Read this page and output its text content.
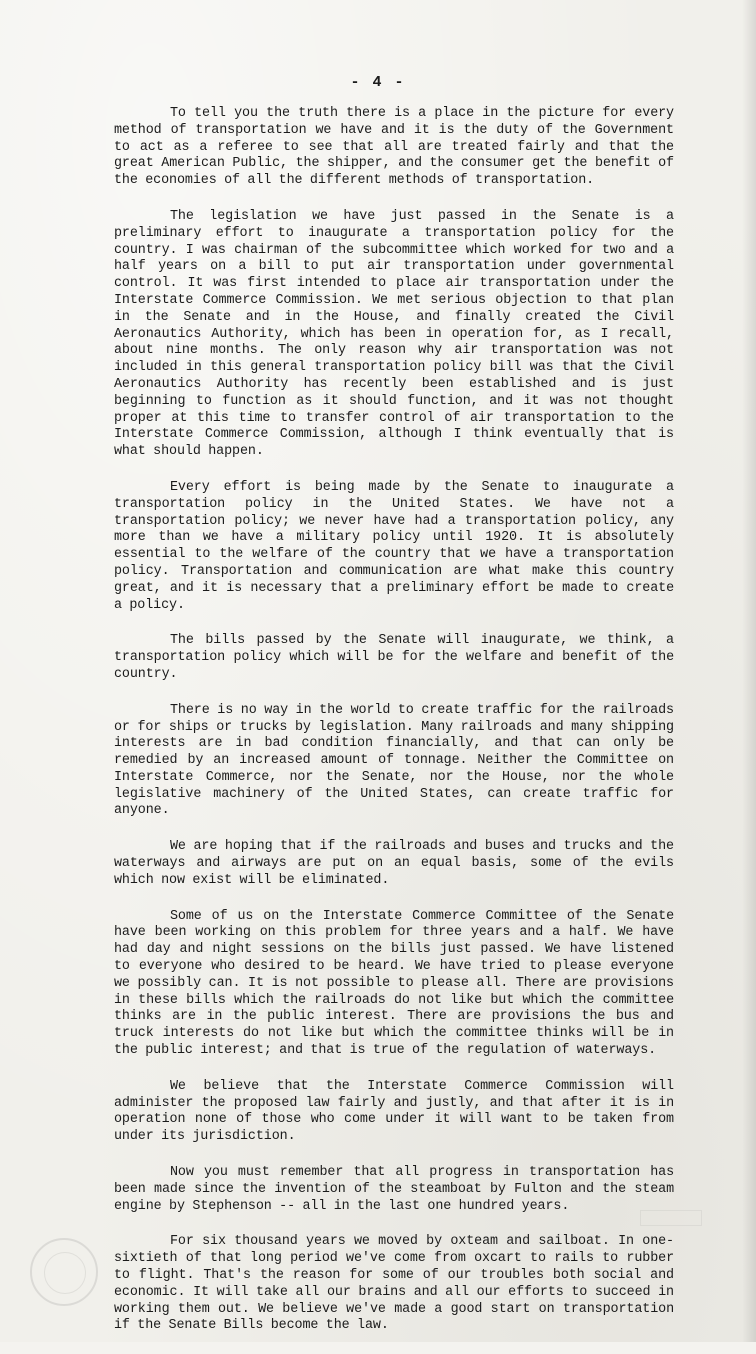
- 4 -

To tell you the truth there is a place in the picture for every method of transportation we have and it is the duty of the Government to act as a referee to see that all are treated fairly and that the great American Public, the shipper, and the consumer get the benefit of the economies of all the different methods of transportation.

The legislation we have just passed in the Senate is a preliminary effort to inaugurate a transportation policy for the country. I was chairman of the subcommittee which worked for two and a half years on a bill to put air transportation under governmental control. It was first intended to place air transportation under the Interstate Commerce Commission. We met serious objection to that plan in the Senate and in the House, and finally created the Civil Aeronautics Authority, which has been in operation for, as I recall, about nine months. The only reason why air transportation was not included in this general transportation policy bill was that the Civil Aeronautics Authority has recently been established and is just beginning to function as it should function, and it was not thought proper at this time to transfer control of air transportation to the Interstate Commerce Commission, although I think eventually that is what should happen.

Every effort is being made by the Senate to inaugurate a transportation policy in the United States. We have not a transportation policy; we never have had a transportation policy, any more than we have a military policy until 1920. It is absolutely essential to the welfare of the country that we have a transportation policy. Transportation and communication are what make this country great, and it is necessary that a preliminary effort be made to create a policy.

The bills passed by the Senate will inaugurate, we think, a transportation policy which will be for the welfare and benefit of the country.

There is no way in the world to create traffic for the railroads or for ships or trucks by legislation. Many railroads and many shipping interests are in bad condition financially, and that can only be remedied by an increased amount of tonnage. Neither the Committee on Interstate Commerce, nor the Senate, nor the House, nor the whole legislative machinery of the United States, can create traffic for anyone.

We are hoping that if the railroads and buses and trucks and the waterways and airways are put on an equal basis, some of the evils which now exist will be eliminated.

Some of us on the Interstate Commerce Committee of the Senate have been working on this problem for three years and a half. We have had day and night sessions on the bills just passed. We have listened to everyone who desired to be heard. We have tried to please everyone we possibly can. It is not possible to please all. There are provisions in these bills which the railroads do not like but which the committee thinks are in the public interest. There are provisions the bus and truck interests do not like but which the committee thinks will be in the public interest; and that is true of the regulation of waterways.

We believe that the Interstate Commerce Commission will administer the proposed law fairly and justly, and that after it is in operation none of those who come under it will want to be taken from under its jurisdiction.

Now you must remember that all progress in transportation has been made since the invention of the steamboat by Fulton and the steam engine by Stephenson -- all in the last one hundred years.

For six thousand years we moved by oxteam and sailboat. In one-sixtieth of that long period we've come from oxcart to rails to rubber to flight. That's the reason for some of our troubles both social and economic. It will take all our brains and all our efforts to succeed in working them out. We believe we've made a good start on transportation if the Senate Bills become the law.
